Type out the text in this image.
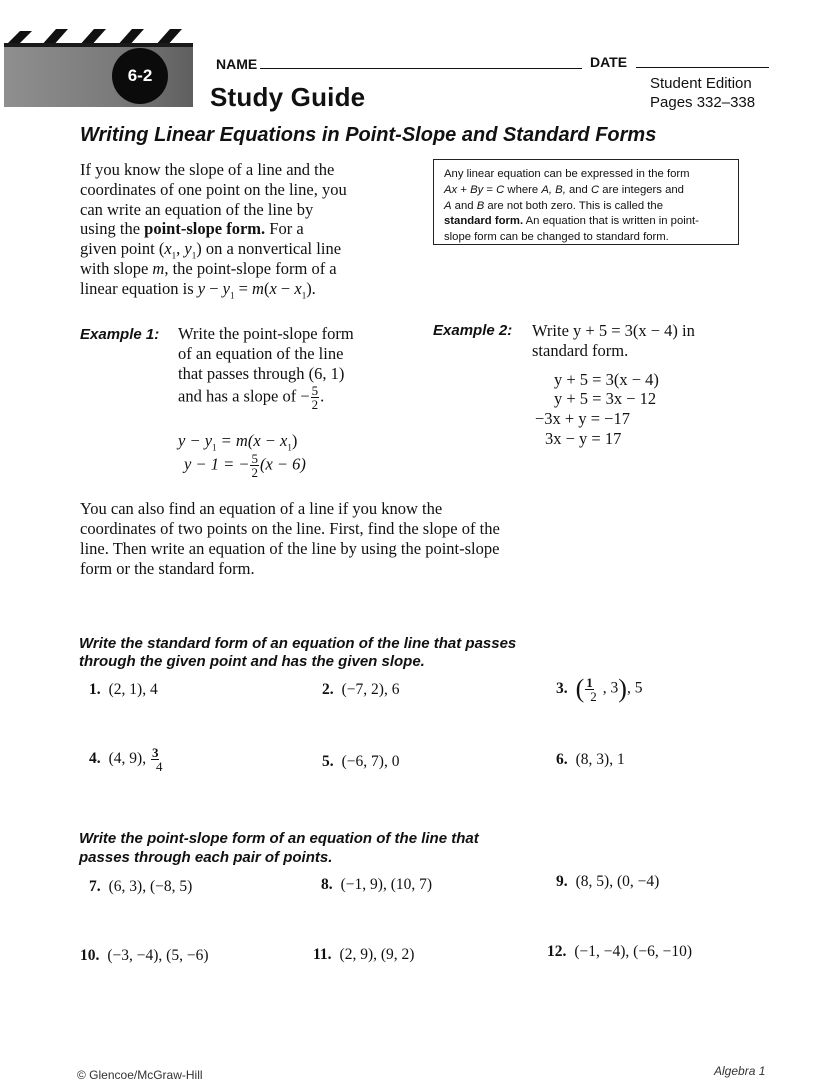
6-2
NAME	DATE
Study Guide	Student Edition
Pages 332–338
Writing Linear Equations in Point-Slope and Standard Forms
If you know the slope of a line and the
coordinates of one point on the line, you
can write an equation of the line by
using the point-slope form. For a
given point ($x_1$, $y_1$) on a nonvertical line
with slope m, the point-slope form of a
linear equation is $y - y_1 = m(x - x_1)$.
Any linear equation can be expressed in the form
Ax + By = C where A, B, and C are integers and
A and B are not both zero. This is called the
standard form. An equation that is written in point-
slope form can be changed to standard form.
Example 1: Write the point-slope form
of an equation of the line
that passes through (6, 1)
and has a slope of − $\frac{5}{2}$ .
$y - y_1 = m(x - x_1)$
y − 1 = − $\frac{5}{2} (x - 6)$
Example 2: Write y + 5 = 3(x − 4) in
standard form.
y + 5 = 3(x − 4)
y + 5 = 3x − 12
−3x + y = −17
3x − y = 17
You can also find an equation of a line if you know the
coordinates of two points on the line. First, find the slope of the
line. Then write an equation of the line by using the point-slope
form or the standard form.
Write the standard form of an equation of the line that passes
through the given point and has the given slope.
1. (2, 1), 4	2. (−7, 2), 6	3. ( $\frac{1}{2}$ , 3), 5
4. (4, 9), $\frac{3}{4}$	5. (−6, 7), 0	6. (8, 3), 1
Write the point-slope form of an equation of the line that
passes through each pair of points.
7. (6, 3), (−8, 5)	8. (−1, 9), (10, 7)	9. (8, 5), (0, −4)
10. (−3, −4), (5, −6)	11. (2, 9), (9, 2)	12. (−1, −4), (−6, −10)
© Glencoe/McGraw-Hill	Algebra 1
